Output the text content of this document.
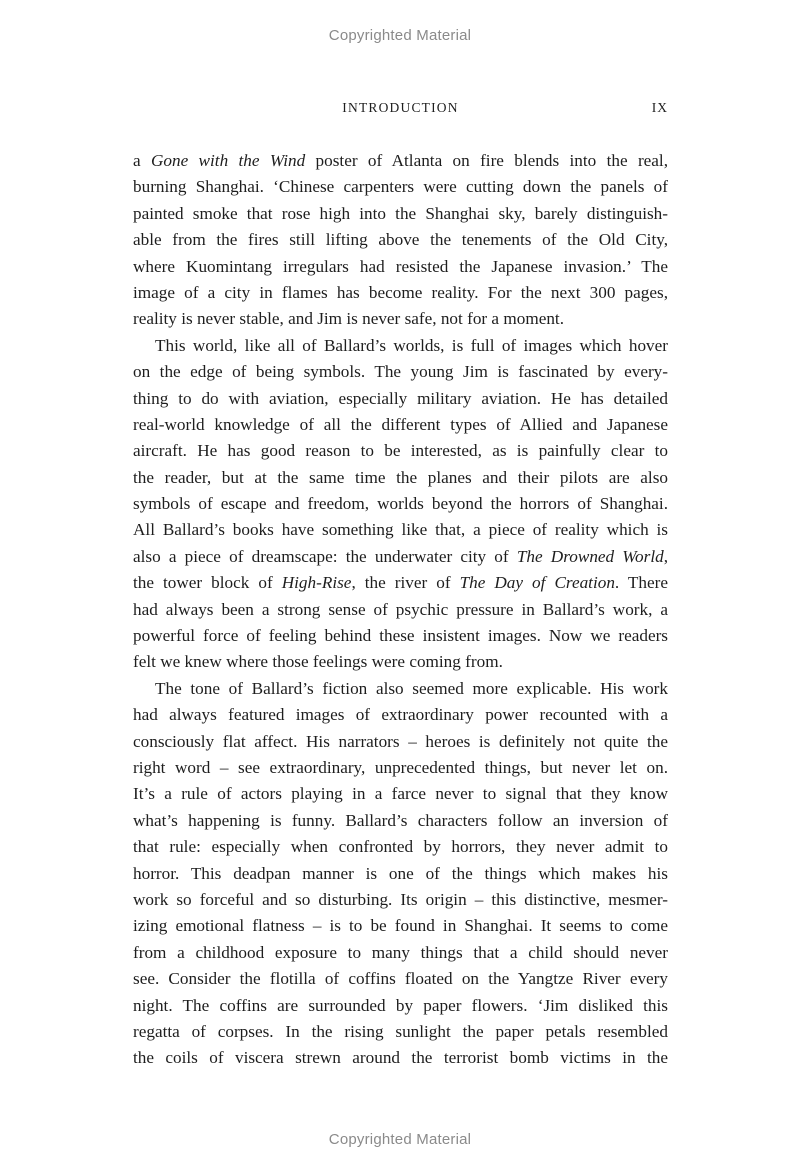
Copyrighted Material
INTRODUCTION	IX

a Gone with the Wind poster of Atlanta on fire blends into the real,
burning Shanghai. ‘Chinese carpenters were cutting down the panels of
painted smoke that rose high into the Shanghai sky, barely distinguish-
able from the fires still lifting above the tenements of the Old City,
where Kuomintang irregulars had resisted the Japanese invasion.’ The
image of a city in flames has become reality. For the next 300 pages,
reality is never stable, and Jim is never safe, not for a moment.

This world, like all of Ballard’s worlds, is full of images which hover
on the edge of being symbols. The young Jim is fascinated by every-
thing to do with aviation, especially military aviation. He has detailed
real-world knowledge of all the different types of Allied and Japanese
aircraft. He has good reason to be interested, as is painfully clear to
the reader, but at the same time the planes and their pilots are also
symbols of escape and freedom, worlds beyond the horrors of Shanghai.
All Ballard’s books have something like that, a piece of reality which is
also a piece of dreamscape: the underwater city of The Drowned World,
the tower block of High-Rise, the river of The Day of Creation. There
had always been a strong sense of psychic pressure in Ballard’s work, a
powerful force of feeling behind these insistent images. Now we readers
felt we knew where those feelings were coming from.

The tone of Ballard’s fiction also seemed more explicable. His work
had always featured images of extraordinary power recounted with a
consciously flat affect. His narrators – heroes is definitely not quite the
right word – see extraordinary, unprecedented things, but never let on.
It’s a rule of actors playing in a farce never to signal that they know
what’s happening is funny. Ballard’s characters follow an inversion of
that rule: especially when confronted by horrors, they never admit to
horror. This deadpan manner is one of the things which makes his
work so forceful and so disturbing. Its origin – this distinctive, mesmer-
izing emotional flatness – is to be found in Shanghai. It seems to come
from a childhood exposure to many things that a child should never
see. Consider the flotilla of coffins floated on the Yangtze River every
night. The coffins are surrounded by paper flowers. ‘Jim disliked this
regatta of corpses. In the rising sunlight the paper petals resembled
the coils of viscera strewn around the terrorist bomb victims in the

Copyrighted Material
